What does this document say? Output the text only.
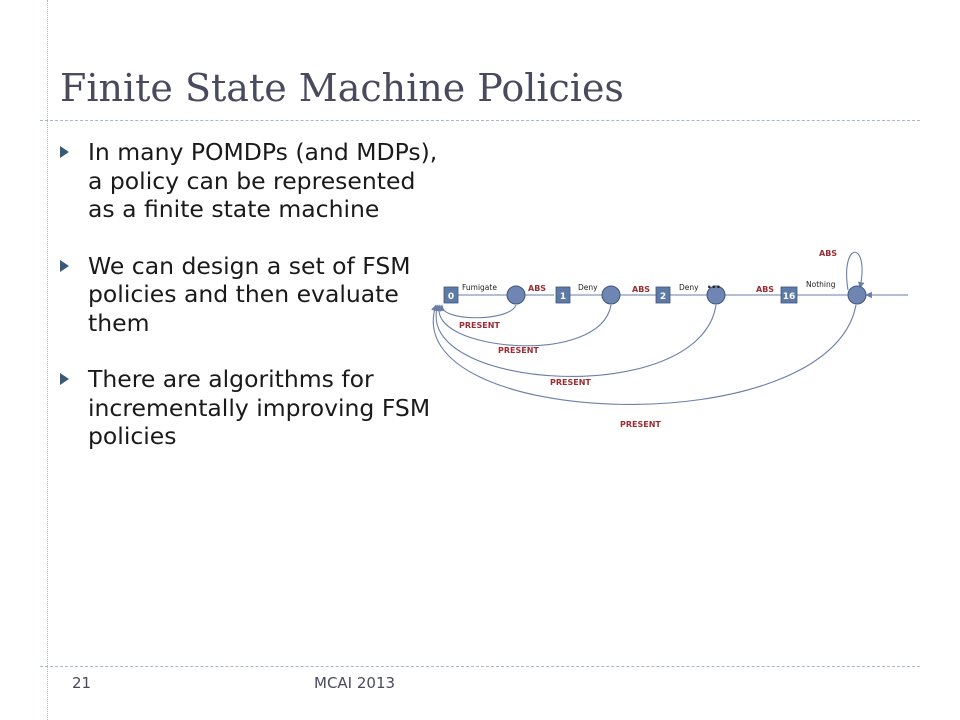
Finite State Machine Policies
In many POMDPs (and MDPs), a policy can be represented as a finite state machine
We can design a set of FSM policies and then evaluate them
There are algorithms for incrementally improving FSM policies
0	1	2	16
Fumigate	Deny	Deny	Nothing
...
ABS	ABS	ABS
ABS
PRESENT
PRESENT
PRESENT
PRESENT
21	MCAI 2013
